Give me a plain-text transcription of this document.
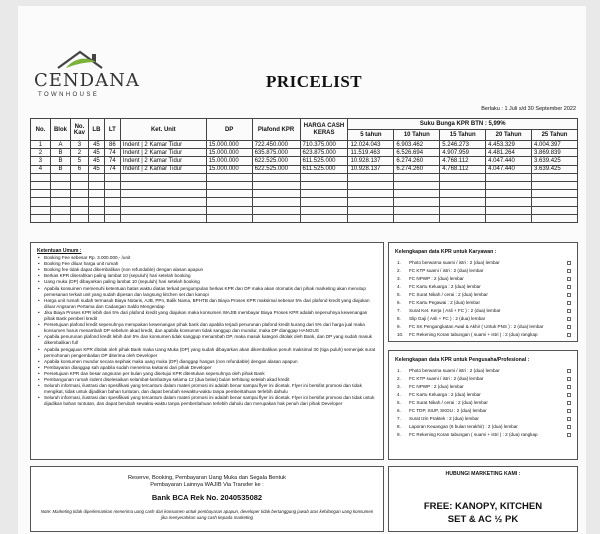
CENDANA
TOWNHOUSE
PRICELIST
Berlaku : 1 Juli s/d 30 September 2022
No.	Blok	No. Kav	LB	LT	Ket. Unit	DP	Plafond KPR	HARGA CASH KERAS	Suku Bunga KPR BTN : 5,99%				
									5 tahun	10 Tahun	15 Tahun	20 Tahun	25 Tahun
1	A	3	45	86	Indent | 2 Kamar Tidur	15.000.000	722.450.000	710.375.000	12.024.043	6.903.462	5.246.273	4.453.329	4.004.397
2	B	2	45	74	Indent | 2 Kamar Tidur	15.000.000	635.875.000	623.875.000	11.519.463	6.526.694	4.907.959	4.481.264	3.869.839
3	B	5	45	74	Indent | 2 Kamar Tidur	15.000.000	622.525.000	611.525.000	10.928.137	6.274.260	4.768.112	4.047.440	3.639.425
4	B	6	45	74	Indent | 2 Kamar Tidur	15.000.000	622.525.000	611.525.000	10.928.137	6.274.260	4.768.112	4.047.440	3.639.425

Ketentuan Umum :
• Booking Fee sebesar Rp. 3.000.000,- /unit
• Booking Fee diluar harga unit rumah
• Booking fee tidak dapat dikembalikan (non refundable) dengan alasan apapun
• Berkas KPR diserahkan paling lambat 10 (sepuluh) hari setelah booking
• Uang muka (DP) dibayarkan paling lambat 10 (sepuluh) hari setelah booking
• Apabila konsumen memenuhi ketentuan batas waktu diatas terkait pengumpulan berkas KPR dan DP maka akan otomatis dari pihak marketing akan menutup pemesanan terkait unit yang sudah dipesan dan langsung kitchen set dan kanopi
• Harga unit rumah sudah termasuk Biaya Notaris, AJB, PPn, Balik Nama, BPHTB dan Biaya Proses KPR maksimal sebesar 5% dari plafond kredit yang diajukan diluar Angsuran Pertama dan Cadangan Saldo Mengendap
• Jika Biaya Proses KPR lebih dari 5% dari plafond kredit yang diajukan maka konsumen WAJIB membayar Biaya Proses KPR adalah sepenuhnya kewenangan pihak Bank pemberi kredit
• Persetujuan plafond kredit sepenuhnya merupakan kewenangan pihak bank dan apabila terjadi penurunan plafond kredit kurang dari 5% dari harga jual maka konsumen harus menambah DP sebelum akad kredit, dan apabila konsumen tidak sanggup dan mundur, maka DP dianggap HANGUS
• Apabila penurunan plafond kredit lebih dari 5% dan konsumen tidak sanggup menambah DP, maka masuk kategori ditolak oleh Bank, dan DP yang sudah masuk dikembalikan full
• Apabila pengajuan KPR ditolak oleh pihak Bank maka Uang Muka (DP) yang sudah dibayarkan akan dikembalikan penuh maksimal 30 (tiga puluh) semenjak surat permohonan pengembalian DP diterima oleh Developer
• Apabila konsumen mundur secara sepihak maka uang muka (DP) dianggap hangus (non refundable) dengan alasan apapun
• Pembayaran dianggap sah apabila sudah menerima kwitansi dari pihak Developer
• Persetujuan KPR dan besar angsuran per bulan yang disetujui KPR ditentukan sepenuhnya oleh pihak Bank
• Pembangunan rumah indent diselesaikan selambat-lambatnya selama 12 (dua belas) bulan terhitung setelah akad kredit
• Seluruh informasi, ilustrasi dan spesifikasi yang tercantum dalam materi promosi ini adalah benar sampai flyer ini dicetak. Flyer ini bersifat promosi dan tidak mengikat, tidak untuk dijadikan bahan tuntutan, dan dapat berubah sewaktu-waktu tanpa pemberitahuan terlebih dahulu
• Seluruh informasi, ilustrasi dan spesifikasi yang tercantum dalam materi promosi ini adalah benar sampai flyer ini dicetak. Flyer ini bersifat promosi dan tidak untuk dijadikan bahan tuntutan, dan dapat berubah sewaktu-waktu tanpa pemberitahuan terlebih dahulu dan merupakan hak penuh dari pihak Developer
Kelengkapan data KPR untuk Karyawan :
1. Photo berwarna suami / istri : 2 (dua) lembar
2. FC KTP suami / istri : 2 (dua) lembar
3. FC NPWP : 2 (dua) lembar
4. FC Kartu Keluarga : 2 (dua) lembar
5. FC Surat Nikah / cerai : 2 (dua) lembar
6. FC Kartu Pegawai : 2 (dua) lembar
7. Surat Ket. Kerja ( Asli + FC ) : 2 (dua) lembar
8. Slip Gaji ( Asli + FC ) : 2 (dua) lembar
9. FC SK Pengangkatan Awal & Akhir ( Untuk PNS ) : 2 (dua) lembar
10. FC Rekening Koran tabungan ( suami + istri ) : 2 (dua) rangkap
Kelengkapan data KPR untuk Pengusaha/Profesional :
1. Photo berwarna suami / istri : 2 (dua) lembar
2. FC KTP suami / istri : 2 (dua) lembar
3. FC NPWP : 2 (dua) lembar
4. FC Kartu Keluarga : 2 (dua) lembar
5. FC Surat Nikah / cerai : 2 (dua) lembar
6. FC TDP, SIUP, SKDU : 2 (dua) lembar
7. Surat Izin Praktek : 2 (dua) lembar
8. Laporan Keuangan (6 bulan terakhir) : 2 (dua) lembar
9. FC Rekening Koran tabungan ( suami + istri ) : 2 (dua) rangkap
Reserve, Booking, Pembayaran Uang Muka dan Segala Bentuk
Pembayaran Lainnya WAJIB Via Transfer ke :
Bank BCA Rek No. 2040535082
Note: Marketing tidak diperkenankan menerima uang cash dari konsumen untuk pembayaran apapun, developer tidak bertanggung jawab atas kehilangan uang konsumen jika menyerahkan uang cash kepada marketing
HUBUNGI MARKETING KAMI :
FREE: KANOPY, KITCHEN
SET & AC ½ PK
